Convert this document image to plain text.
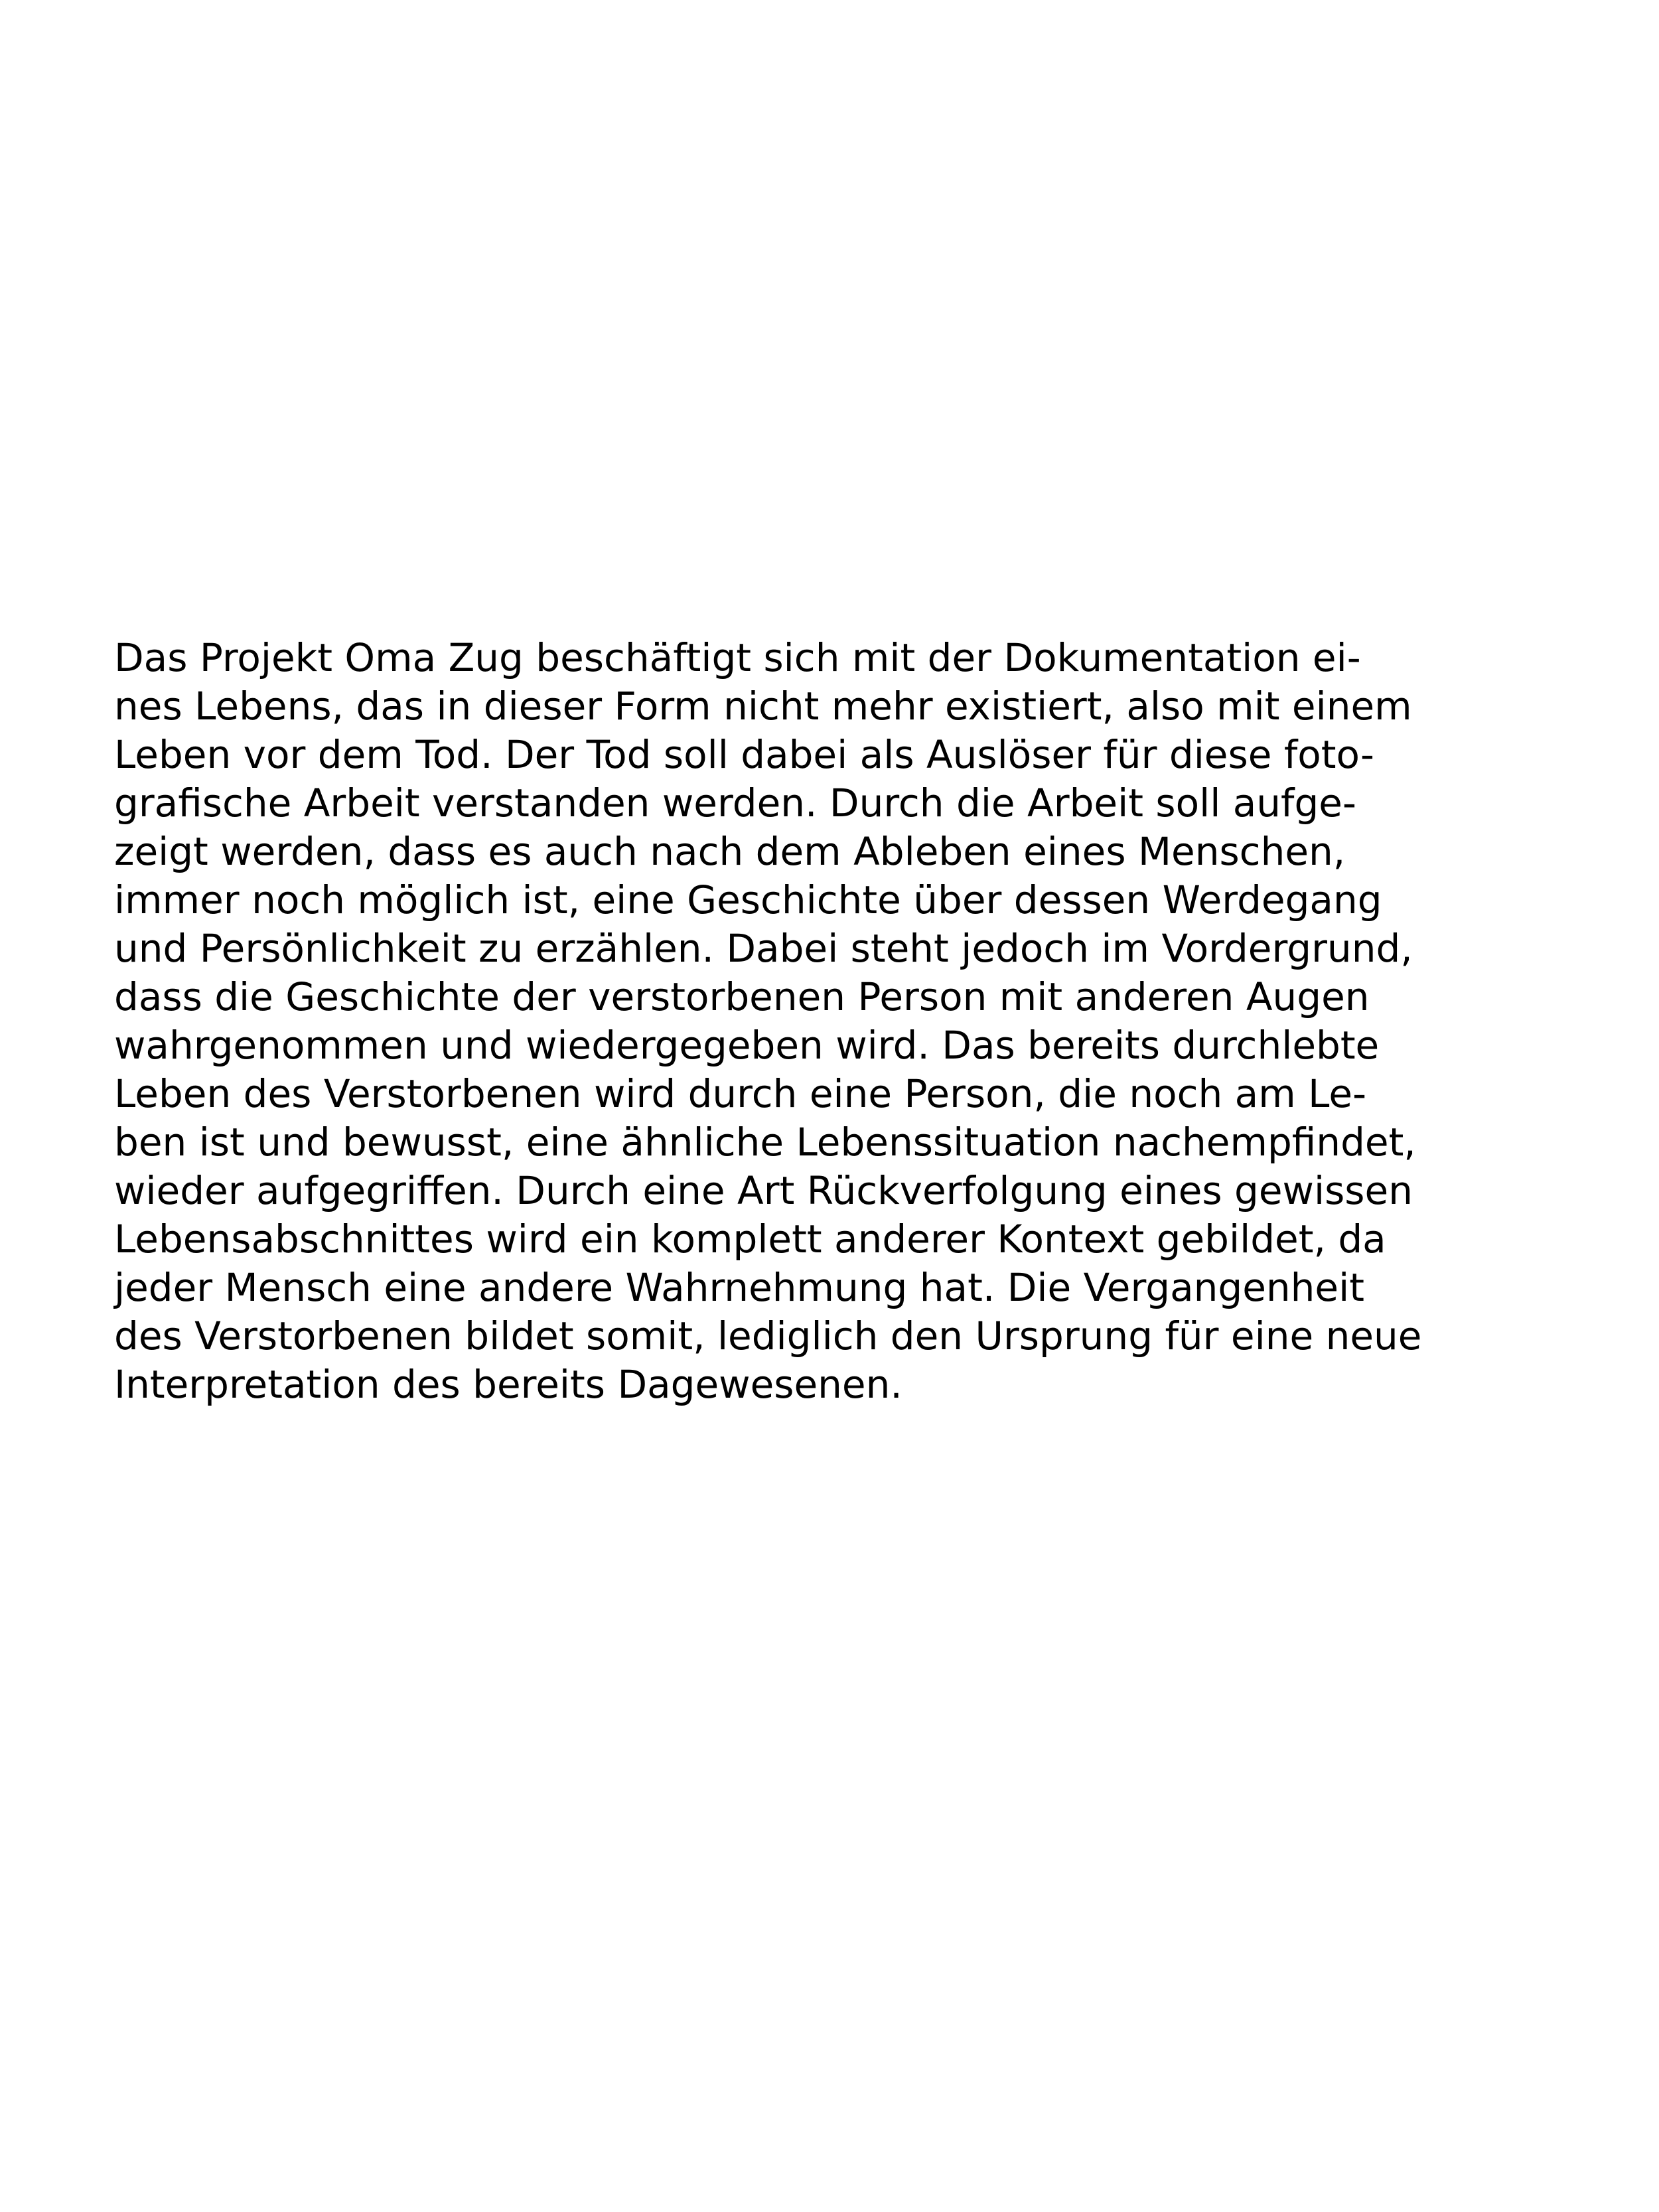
Das Projekt Oma Zug beschäftigt sich mit der Dokumentation ei-
nes Lebens, das in dieser Form nicht mehr existiert, also mit einem
Leben vor dem Tod. Der Tod soll dabei als Auslöser für diese foto-
grafische Arbeit verstanden werden. Durch die Arbeit soll aufge-
zeigt werden, dass es auch nach dem Ableben eines Menschen,
immer noch möglich ist, eine Geschichte über dessen Werdegang
und Persönlichkeit zu erzählen. Dabei steht jedoch im Vordergrund,
dass die Geschichte der verstorbenen Person mit anderen Augen
wahrgenommen und wiedergegeben wird. Das bereits durchlebte
Leben des Verstorbenen wird durch eine Person, die noch am Le-
ben ist und bewusst, eine ähnliche Lebenssituation nachempfindet,
wieder aufgegriffen. Durch eine Art Rückverfolgung eines gewissen
Lebensabschnittes wird ein komplett anderer Kontext gebildet, da
jeder Mensch eine andere Wahrnehmung hat. Die Vergangenheit
des Verstorbenen bildet somit, lediglich den Ursprung für eine neue
Interpretation des bereits Dagewesenen.
